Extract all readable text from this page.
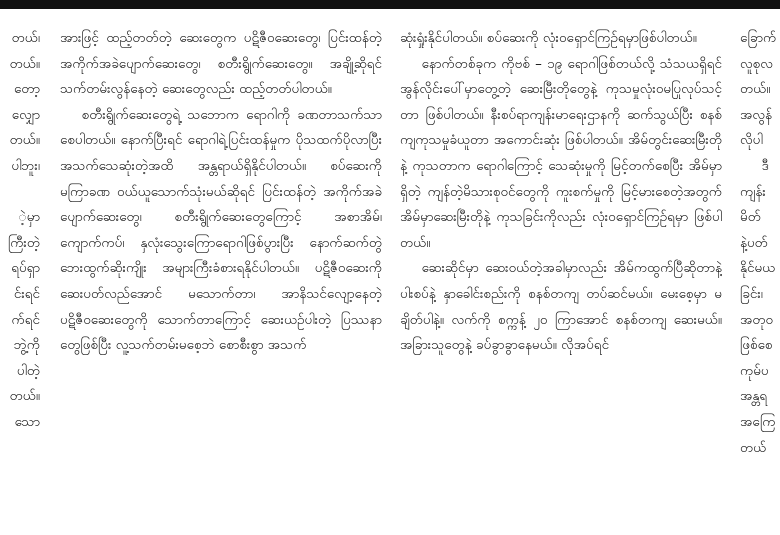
တယ်၊

တယ်။

တော့

လျှော

တယ်။

ပါဘူး၊

ဲ့မှာ

ကြီးတဲ့

ရပ်ရှာ

င်းရင်

က်ရင်

ဘွဲ့ကို

ပါတဲ့

တယ်။

သော

အားဖြင့် ထည့်တတ်တဲ့ ဆေးတွေက ပဋိဇီဝဆေးတွေ၊ ပြင်းထန်တဲ့ အကိုက်အခဲပျောက်ဆေးတွေ၊ စတီးရွိုက်ဆေးတွေ။ အချို့ဆိုရင် သက်တမ်းလွန်နေတဲ့ ဆေးတွေလည်း ထည့်တတ်ပါတယ်။

စတီးရွိုက်ဆေးတွေရဲ့ သဘောက ရောဂါကို ခဏတာသက်သာစေပါတယ်။ နောက်ပြီးရင် ရောဂါရဲ့ပြင်းထန်မှုက ပိုသထက်ပိုလာပြီး အသက်သေဆုံးတဲ့အထိ အန္တရာယ်ရှိနိုင်ပါတယ်။ စပ်ဆေးကို မကြာခဏ ဝယ်ယူသောက်သုံးမယ်ဆိုရင် ပြင်းထန်တဲ့ အကိုက်အခဲပျောက်ဆေးတွေ၊ စတီးရွိုက်ဆေးတွေကြောင့် အစာအိမ်၊ ကျောက်ကပ်၊ နှလုံးသွေးကြောရောဂါဖြစ်ပွားပြီး နောက်ဆက်တွဲဘေးထွက်ဆိုးကျိုး အများကြီးခံစားရနိုင်ပါတယ်။ ပဋိဇီဝဆေးကို ဆေးပတ်လည်အောင် မသောက်တာ၊ အာနိသင်လျော့နေတဲ့ ပဋိဇီဝဆေးတွေကို သောက်တာကြောင့် ဆေးယဉ်ပါးတဲ့ ပြဿနာတွေဖြစ်ပြီး လူ့သက်တမ်းမစေ့ဘဲ စောစီးစွာ အသက်

ဆုံးရှုံးနိုင်ပါတယ်။ စပ်ဆေးကို လုံးဝရှောင်ကြဉ်ရမှာဖြစ်ပါတယ်။

နောက်တစ်ခုက ကိုဗစ် – ၁၉ ရောဂါဖြစ်တယ်လို့ သံသယရှိရင် အွန်လိုင်းပေါ်မှာတွေ့တဲ့ ဆေးမြီးတိုတွေနဲ့ ကုသမှုလုံးဝမပြုလုပ်သင့်တာ ဖြစ်ပါတယ်။ နီးစပ်ရာကျန်းမာရေးဌာနကို ဆက်သွယ်ပြီး စနစ်ကျကုသမှုခံယူတာ အကောင်းဆုံး ဖြစ်ပါတယ်။ အိမ်တွင်းဆေးမြီးတိုနဲ့ ကုသတာက ရောဂါကြောင့် သေဆုံးမှုကို မြင့်တက်စေပြီး အိမ်မှာရှိတဲ့ ကျန်တဲ့မိသားစုဝင်တွေကို ကူးစက်မှုကို မြင့်မားစေတဲ့အတွက် အိမ်မှာဆေးမြီးတိုနဲ့ ကုသခြင်းကိုလည်း လုံးဝရှောင်ကြဉ်ရမှာ ဖြစ်ပါတယ်။

ဆေးဆိုင်မှာ ဆေးဝယ်တဲ့အခါမှာလည်း အိမ်ကထွက်ပြီဆိုတာနဲ့ ပါးစပ်နဲ့ နှာခေါင်းစည်းကို စနစ်တကျ တပ်ဆင်မယ်။ မေးစေ့မှာ မချိတ်ပါနဲ့။ လက်ကို စက္ကန့် ၂၀ ကြာအောင် စနစ်တကျ ဆေးမယ်။ အခြားသူတွေနဲ့ ခပ်ခွာခွာနေမယ်။ လိုအပ်ရင်

ခြောက်

လူစုလ

တယ်။

အလွန်

လိုပါ

ဒီ

ကျန်း

မိတ်

နဲ့ပတ်

နိုင်မယ

ခြင်း၊

အတုဝ

ဖြစ်စေ

ကုမ်ပ

အန္တရ

အကြေ

တယ်
